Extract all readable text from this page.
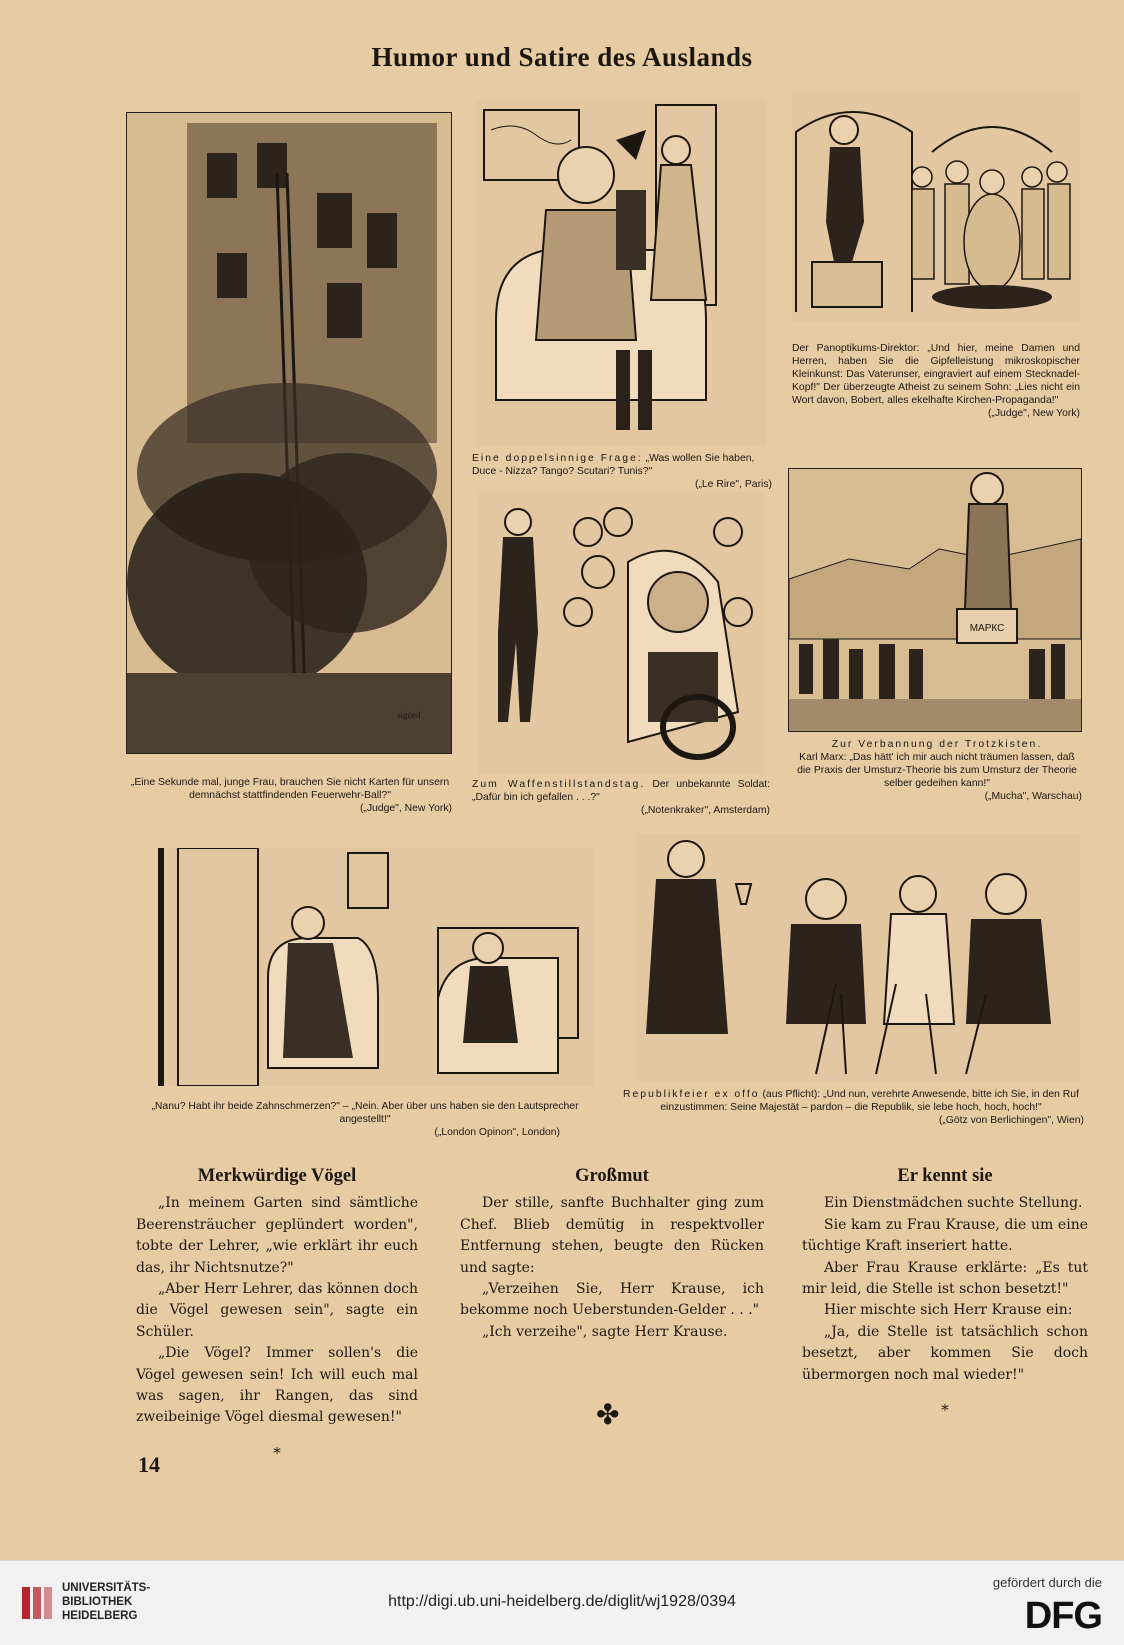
Humor und Satire des Auslands
signed
„Eine Sekunde mal, junge Frau, brauchen Sie nicht Karten für unsern demnächst stattfindenden Feuerwehr-Ball?"
(„Judge", New York)
Eine doppelsinnige Frage: „Was wollen Sie haben, Duce - Nizza? Tango? Scutari? Tunis?"
(„Le Rire", Paris)
Der Panoptikums-Direktor: „Und hier, meine Damen und Herren, haben Sie die Gipfelleistung mikroskopischer Kleinkunst: Das Vaterunser, eingraviert auf einem Stecknadel-Kopf!" Der überzeugte Atheist zu seinem Sohn: „Lies nicht ein Wort davon, Bobert, alles ekelhafte Kirchen-Propaganda!"
(„Judge", New York)
Zum Waffenstillstandstag. Der unbekannte Soldat: „Dafür bin ich gefallen . . .?"
(„Notenkraker", Amsterdam)
МАРКС
Zur Verbannung der Trotzkisten.
Karl Marx: „Das hätt' ich mir auch nicht träumen lassen, daß die Praxis der Umsturz-Theorie bis zum Umsturz der Theorie selber gedeihen kann!"
(„Mucha", Warschau)
„Nanu? Habt ihr beide Zahnschmerzen?" – „Nein. Aber über uns haben sie den Lautsprecher angestellt!"
(„London Opinon", London)
Republikfeier ex offo (aus Pflicht): „Und nun, verehrte Anwesende, bitte ich Sie, in den Ruf einzustimmen: Seine Majestät – pardon – die Republik, sie lebe hoch, hoch, hoch!"
(„Götz von Berlichingen", Wien)
Merkwürdige Vögel

„In meinem Garten sind sämtliche Beerensträucher geplündert worden", tobte der Lehrer, „wie erklärt ihr euch das, ihr Nichtsnutze?"

„Aber Herr Lehrer, das können doch die Vögel gewesen sein", sagte ein Schüler.

„Die Vögel? Immer sollen's die Vögel gewesen sein! Ich will euch mal was sagen, ihr Rangen, das sind zweibeinige Vögel diesmal gewesen!"

*
Großmut

Der stille, sanfte Buchhalter ging zum Chef. Blieb demütig in respektvoller Entfernung stehen, beugte den Rücken und sagte:

„Verzeihen Sie, Herr Krause, ich bekomme noch Ueberstunden-Gelder . . ."

„Ich verzeihe", sagte Herr Krause.

Er kennt sie

Ein Dienstmädchen suchte Stellung.

Sie kam zu Frau Krause, die um eine tüchtige Kraft inseriert hatte.

Aber Frau Krause erklärte: „Es tut mir leid, die Stelle ist schon besetzt!"

Hier mischte sich Herr Krause ein:

„Ja, die Stelle ist tatsächlich schon besetzt, aber kommen Sie doch übermorgen noch mal wieder!"

*
✤
14
UNIVERSITÄTS-
BIBLIOTHEK
HEIDELBERG
http://digi.ub.uni-heidelberg.de/diglit/wj1928/0394
gefördert durch die
DFG
